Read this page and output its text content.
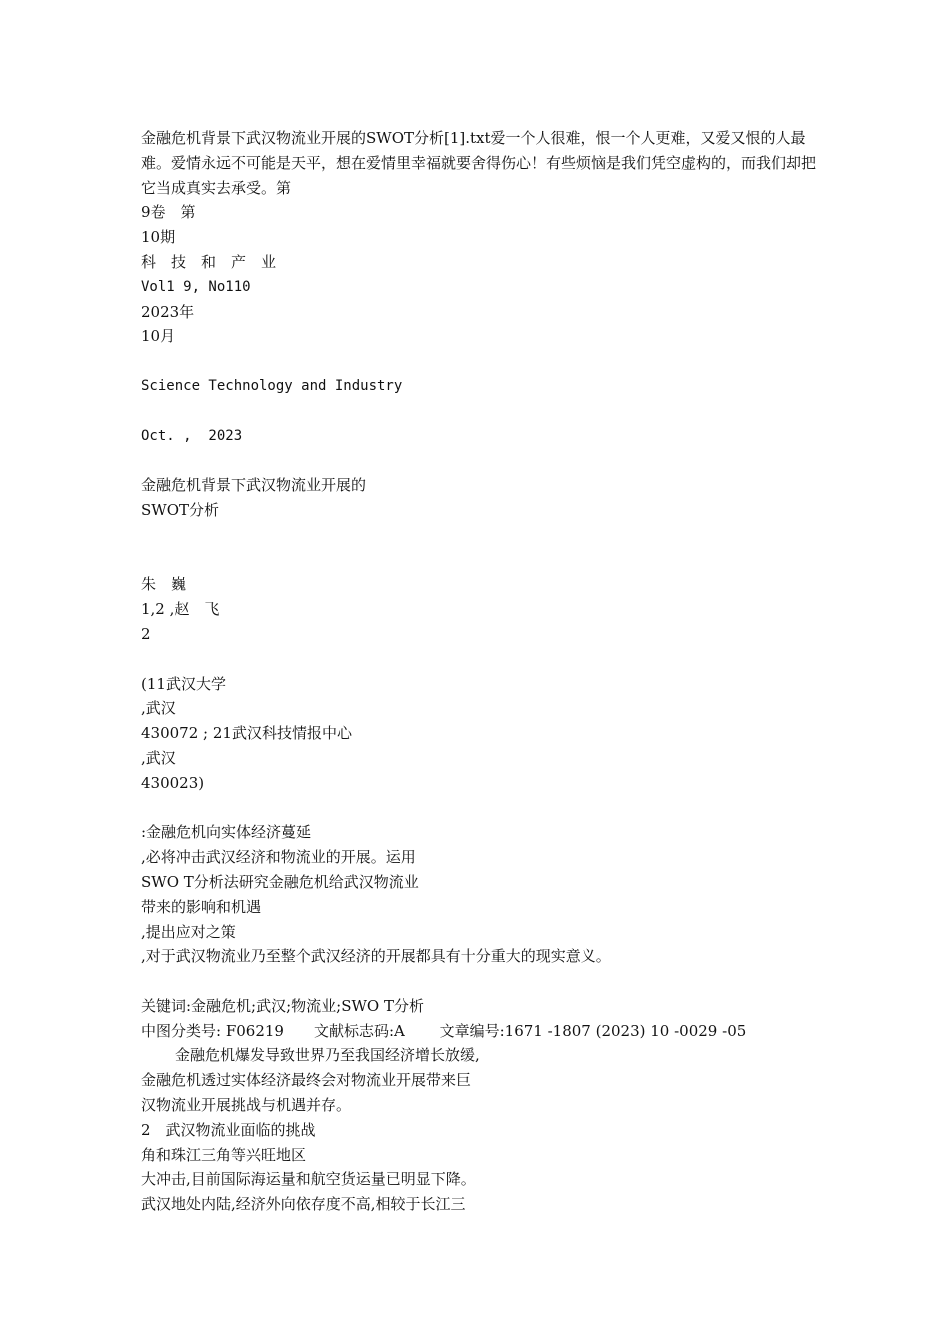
金融危机背景下武汉物流业开展的SWOT分析[1].txt爱一个人很难，恨一个人更难，又爱又恨的人最难。爱情永远不可能是天平，想在爱情里幸福就要舍得伤心！有些烦恼是我们凭空虚构的，而我们却把它当成真实去承受。第
9卷　第
10期
科　技　和　产　业
Vol1 9, No110
2023年
10月
Science Technology and Industry
Oct. ,  2023
金融危机背景下武汉物流业开展的
SWOT分析
朱　巍
1,2 ,赵　飞
2
(11武汉大学
,武汉
430072 ; 21武汉科技情报中心
,武汉
430023)
:金融危机向实体经济蔓延
,必将冲击武汉经济和物流业的开展。运用
SWO T分析法研究金融危机给武汉物流业
带来的影响和机遇
,提出应对之策
,对于武汉物流业乃至整个武汉经济的开展都具有十分重大的现实意义。
关键词:金融危机;武汉;物流业;SWO T分析
中图分类号: F06219　　文献标志码:A　　 文章编号:1671 -1807 (2023) 10 -0029 -05
金融危机爆发导致世界乃至我国经济增长放缓,
金融危机透过实体经济最终会对物流业开展带来巨
汉物流业开展挑战与机遇并存。
2　武汉物流业面临的挑战
角和珠江三角等兴旺地区
大冲击,目前国际海运量和航空货运量已明显下降。
武汉地处内陆,经济外向依存度不高,相较于长江三
